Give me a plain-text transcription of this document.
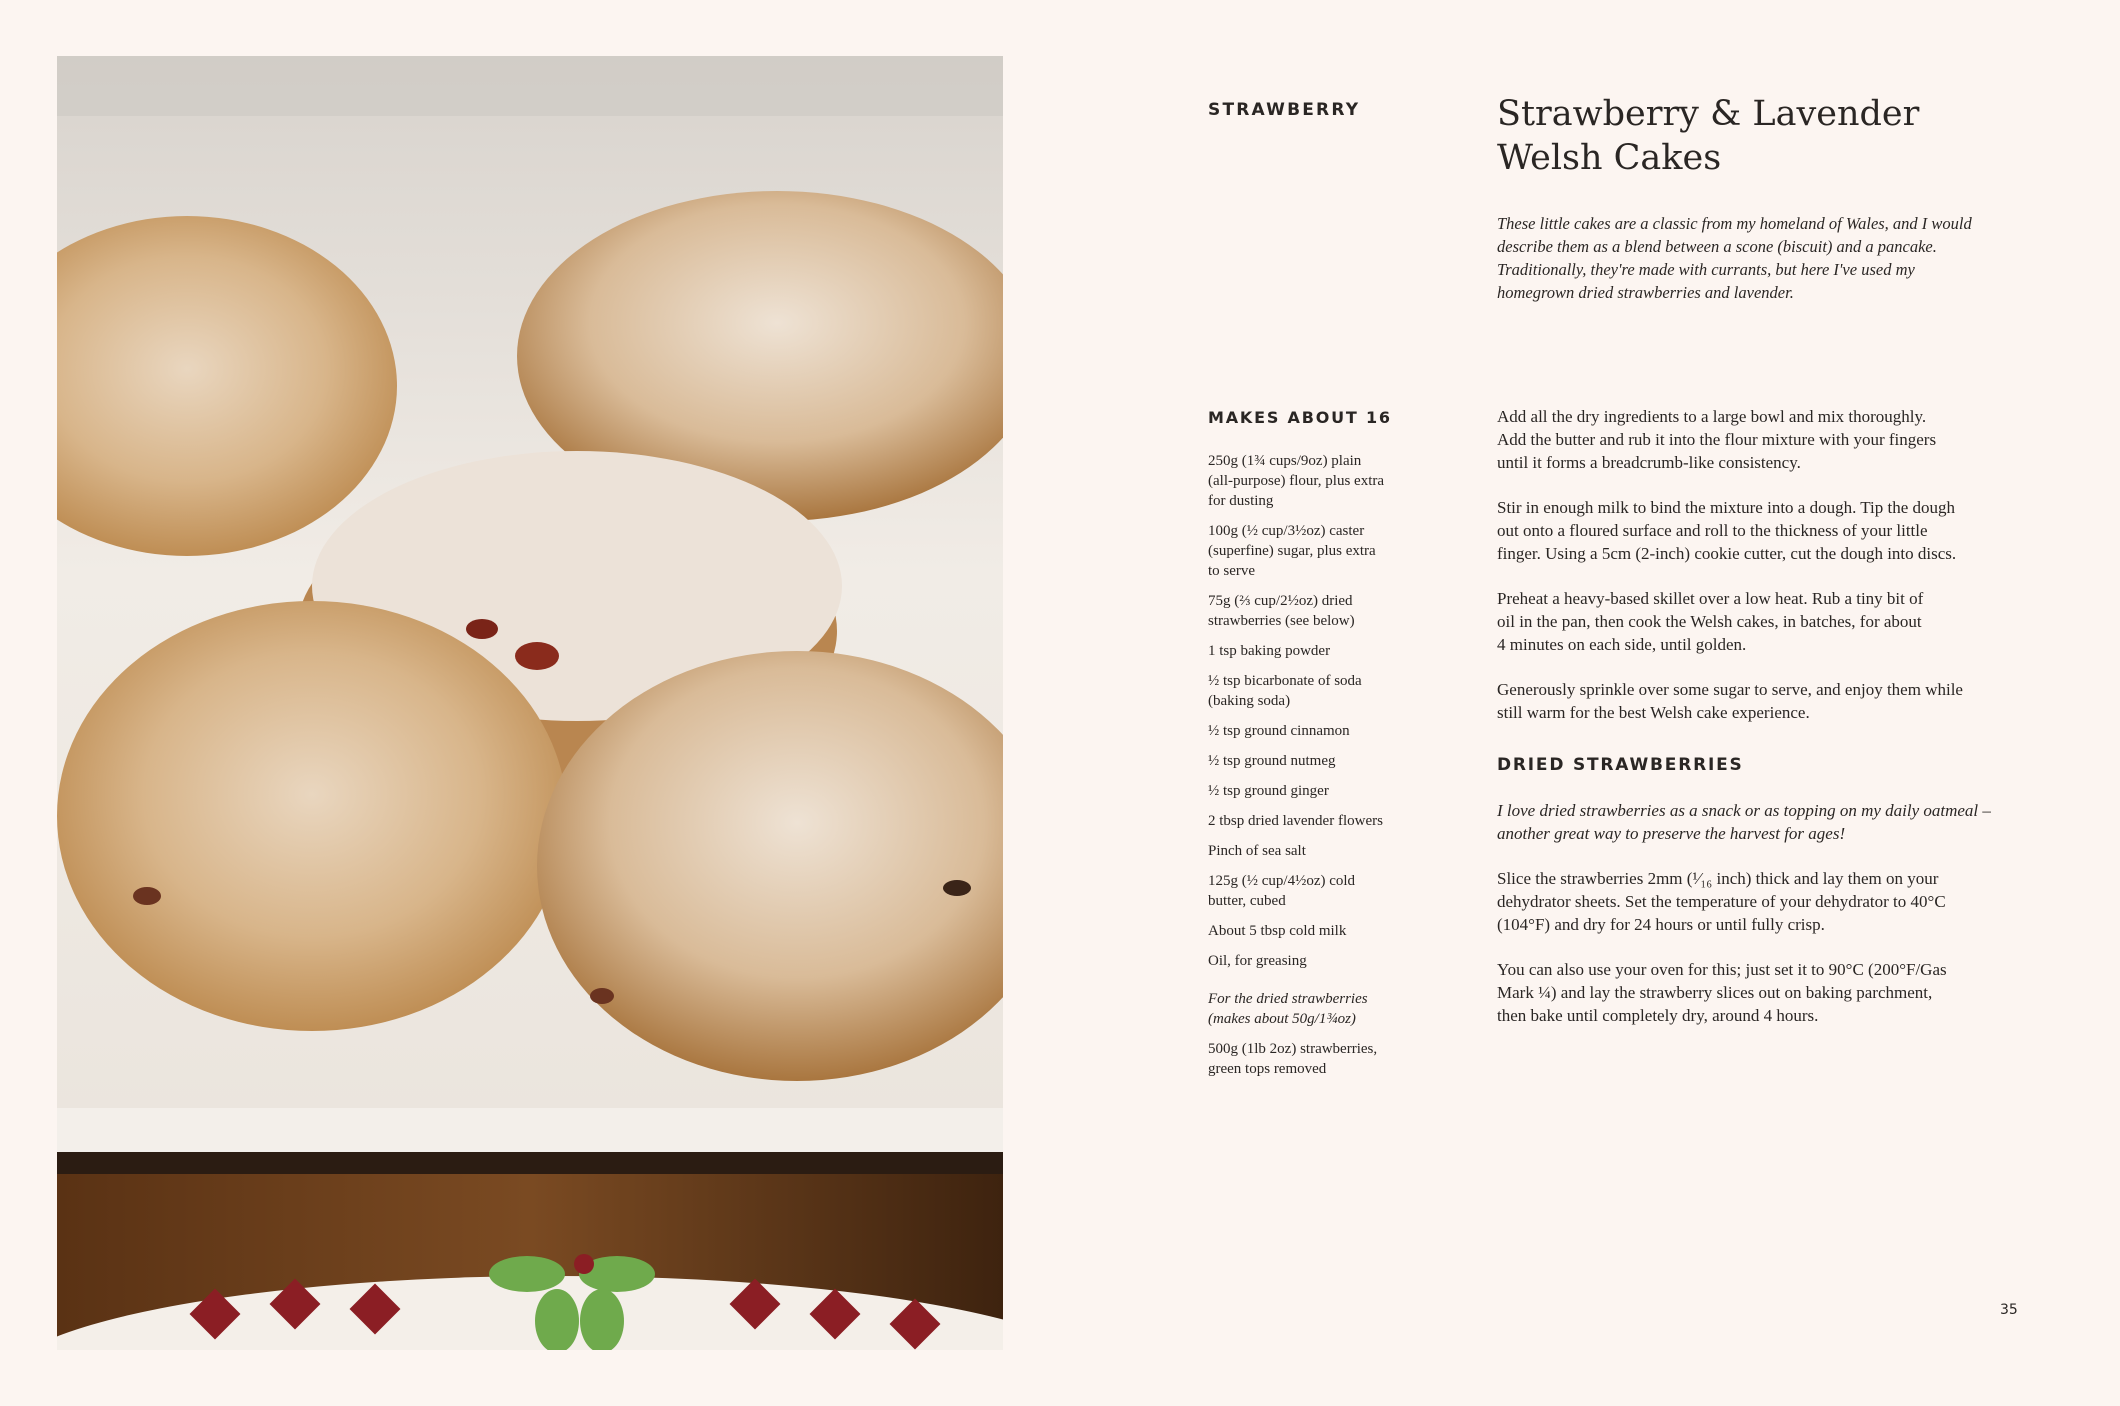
STRAWBERRY	Strawberry & Lavender
Welsh Cakes
These little cakes are a classic from my homeland of Wales, and I would
describe them as a blend between a scone (biscuit) and a pancake.
Traditionally, they're made with currants, but here I've used my
homegrown dried strawberries and lavender.
MAKES ABOUT 16
250g (1¾ cups/9oz) plain
(all-purpose) flour, plus extra
for dusting
100g (½ cup/3½oz) caster
(superfine) sugar, plus extra
to serve
75g (⅔ cup/2½oz) dried
strawberries (see below)
1 tsp baking powder
½ tsp bicarbonate of soda
(baking soda)
½ tsp ground cinnamon
½ tsp ground nutmeg
½ tsp ground ginger
2 tbsp dried lavender flowers
Pinch of sea salt
125g (½ cup/4½oz) cold
butter, cubed
About 5 tbsp cold milk
Oil, for greasing
For the dried strawberries
(makes about 50g/1¾oz)
500g (1lb 2oz) strawberries,
green tops removed
Add all the dry ingredients to a large bowl and mix thoroughly.
Add the butter and rub it into the flour mixture with your fingers
until it forms a breadcrumb-like consistency.
Stir in enough milk to bind the mixture into a dough. Tip the dough
out onto a floured surface and roll to the thickness of your little
finger. Using a 5cm (2-inch) cookie cutter, cut the dough into discs.
Preheat a heavy-based skillet over a low heat. Rub a tiny bit of
oil in the pan, then cook the Welsh cakes, in batches, for about
4 minutes on each side, until golden.
Generously sprinkle over some sugar to serve, and enjoy them while
still warm for the best Welsh cake experience.
DRIED STRAWBERRIES
I love dried strawberries as a snack or as topping on my daily oatmeal –
another great way to preserve the harvest for ages!
Slice the strawberries 2mm (¹⁄₁₆ inch) thick and lay them on your
dehydrator sheets. Set the temperature of your dehydrator to 40°C
(104°F) and dry for 24 hours or until fully crisp.
You can also use your oven for this; just set it to 90°C (200°F/Gas
Mark ¼) and lay the strawberry slices out on baking parchment,
then bake until completely dry, around 4 hours.
35
